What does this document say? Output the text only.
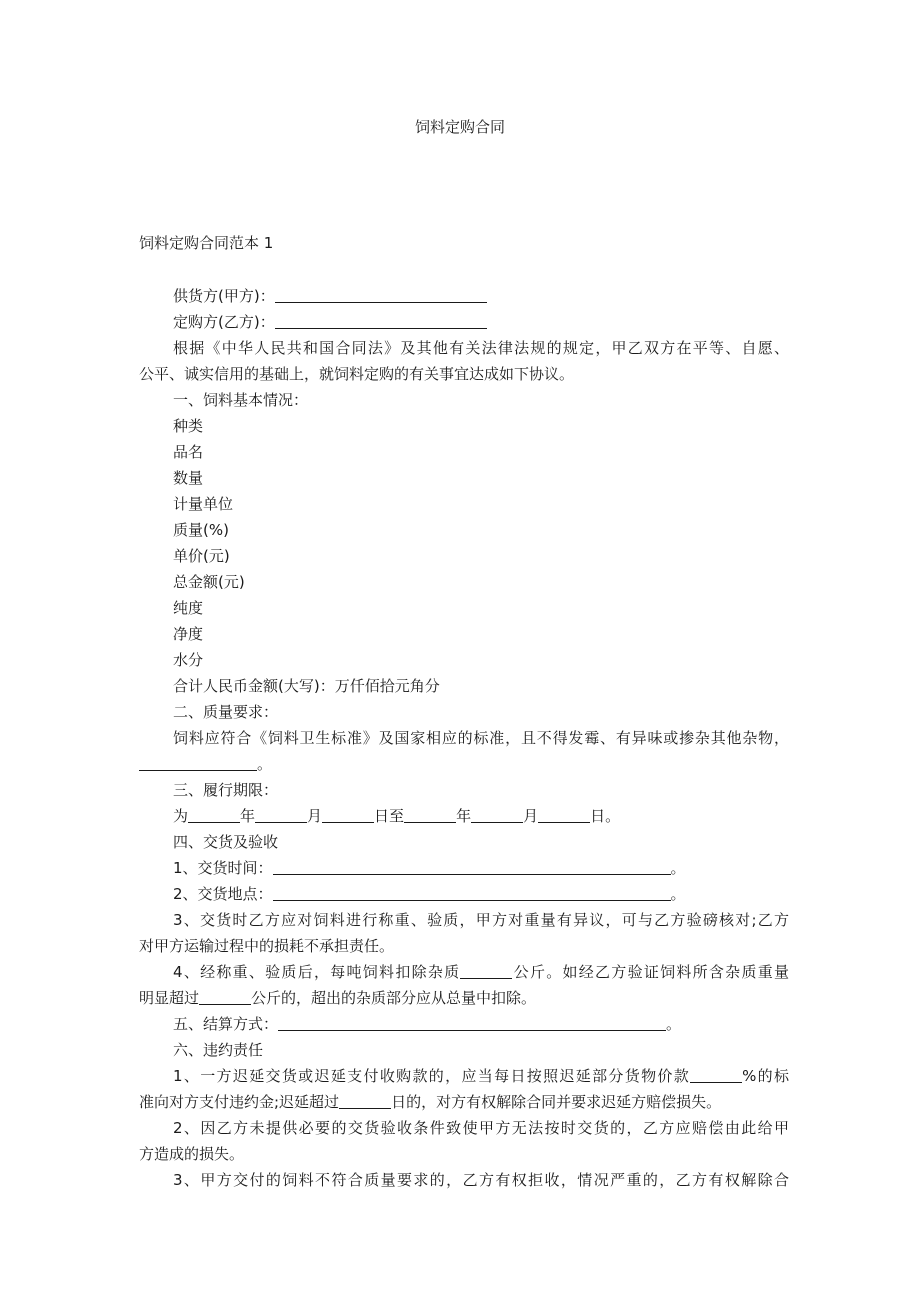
饲料定购合同
饲料定购合同范本 1
供货方(甲方)：
定购方(乙方)：
根据《中华人民共和国合同法》及其他有关法律法规的规定，甲乙双方在平等、自愿、
公平、诚实信用的基础上，就饲料定购的有关事宜达成如下协议。
一、饲料基本情况：
种类
品名
数量
计量单位
质量(%)
单价(元)
总金额(元)
纯度
净度
水分
合计人民币金额(大写)：万仟佰拾元角分
二、质量要求：
饲料应符合《饲料卫生标准》及国家相应的标准，且不得发霉、有异味或掺杂其他杂物，
。
三、履行期限：
为	年	月	日至	年	月	日。
四、交货及验收
1、交货时间：	。
2、交货地点：	。
3、交货时乙方应对饲料进行称重、验质，甲方对重量有异议，可与乙方验磅核对;乙方
对甲方运输过程中的损耗不承担责任。
4、经称重、验质后，每吨饲料扣除杂质	公斤。如经乙方验证饲料所含杂质重量
明显超过	公斤的，超出的杂质部分应从总量中扣除。
五、结算方式：	。
六、违约责任
1、一方迟延交货或迟延支付收购款的，应当每日按照迟延部分货物价款	%的标
准向对方支付违约金;迟延超过	日的，对方有权解除合同并要求迟延方赔偿损失。
2、因乙方未提供必要的交货验收条件致使甲方无法按时交货的，乙方应赔偿由此给甲
方造成的损失。
3、甲方交付的饲料不符合质量要求的，乙方有权拒收，情况严重的，乙方有权解除合
